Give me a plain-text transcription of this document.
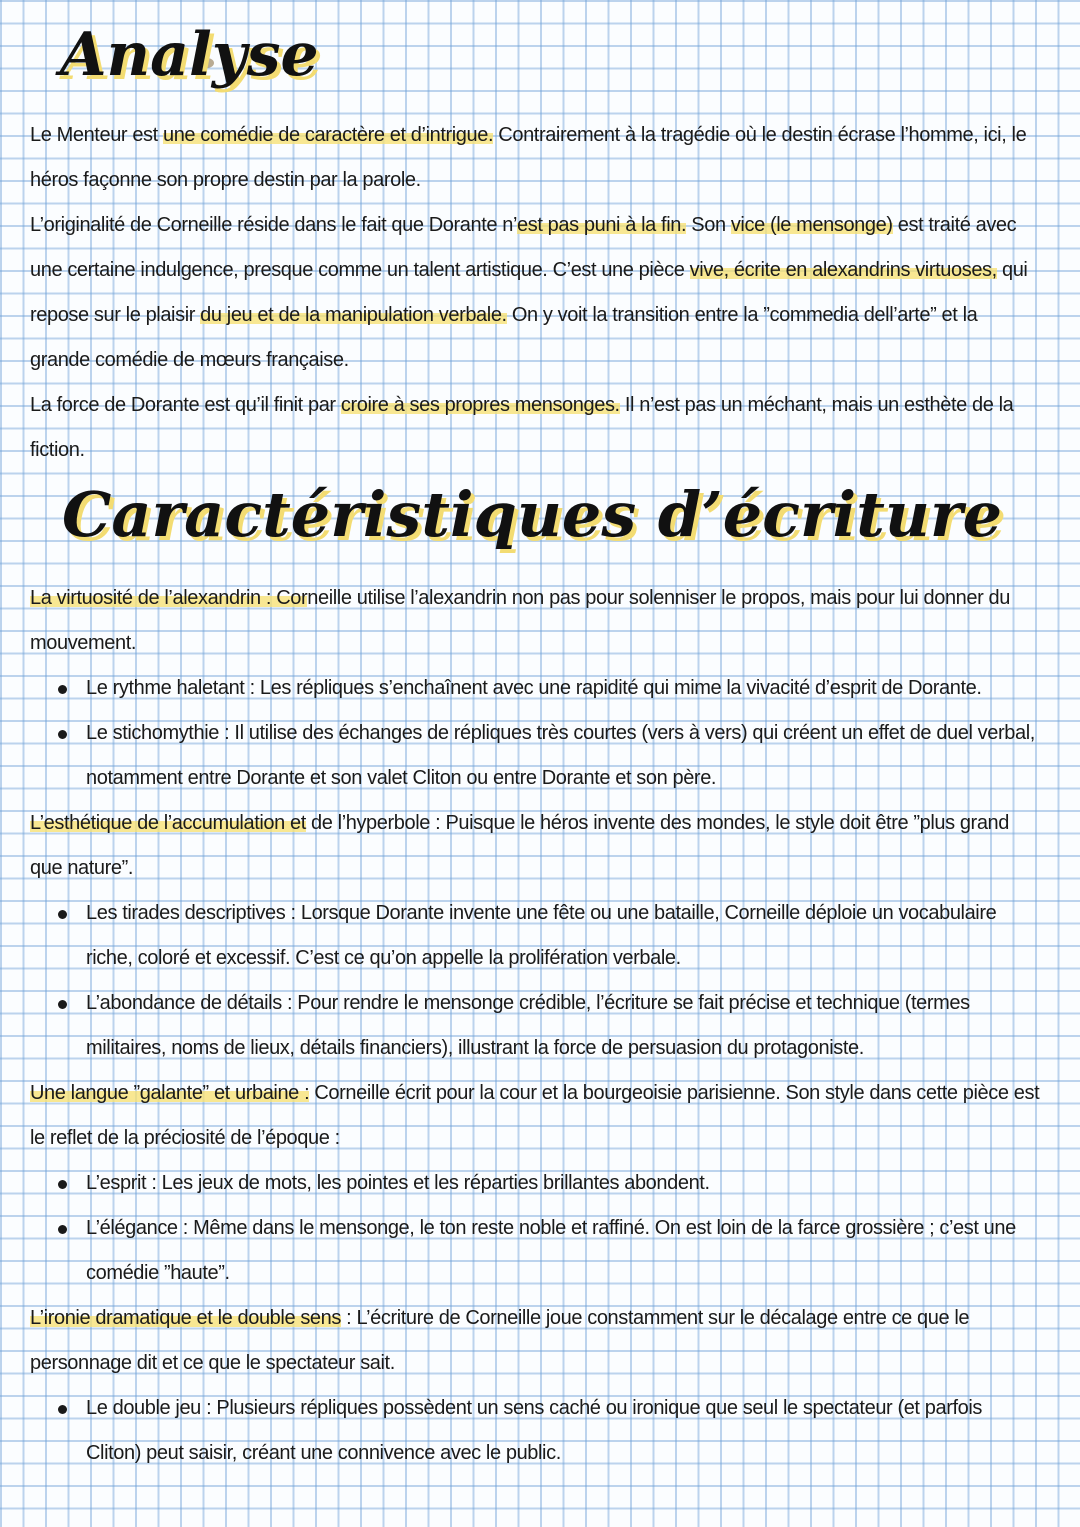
Analyse

Le Menteur est une comédie de caractère et d’intrigue. Contrairement à la tragédie où le destin écrase l’homme, ici, le héros façonne son propre destin par la parole.

L’originalité de Corneille réside dans le fait que Dorante n’est pas puni à la fin. Son vice (le mensonge) est traité avec une certaine indulgence, presque comme un talent artistique. C’est une pièce vive, écrite en alexandrins virtuoses, qui repose sur le plaisir du jeu et de la manipulation verbale. On y voit la transition entre la ”commedia dell’arte” et la grande comédie de mœurs française.

La force de Dorante est qu’il finit par croire à ses propres mensonges. Il n’est pas un méchant, mais un esthète de la fiction.

Caractéristiques d’écriture

La virtuosité de l’alexandrin : Corneille utilise l’alexandrin non pas pour solenniser le propos, mais pour lui donner du mouvement.

Le rythme haletant : Les répliques s’enchaînent avec une rapidité qui mime la vivacité d’esprit de Dorante.
Le stichomythie : Il utilise des échanges de répliques très courtes (vers à vers) qui créent un effet de duel verbal, notamment entre Dorante et son valet Cliton ou entre Dorante et son père.

L’esthétique de l’accumulation et de l’hyperbole : Puisque le héros invente des mondes, le style doit être ”plus grand que nature”.

Les tirades descriptives : Lorsque Dorante invente une fête ou une bataille, Corneille déploie un vocabulaire riche, coloré et excessif. C’est ce qu’on appelle la prolifération verbale.
L’abondance de détails : Pour rendre le mensonge crédible, l’écriture se fait précise et technique (termes militaires, noms de lieux, détails financiers), illustrant la force de persuasion du protagoniste.

Une langue ”galante” et urbaine : Corneille écrit pour la cour et la bourgeoisie parisienne. Son style dans cette pièce est le reflet de la préciosité de l’époque :

L’esprit : Les jeux de mots, les pointes et les réparties brillantes abondent.
L’élégance : Même dans le mensonge, le ton reste noble et raffiné. On est loin de la farce grossière ; c’est une comédie ”haute”.

L’ironie dramatique et le double sens : L’écriture de Corneille joue constamment sur le décalage entre ce que le personnage dit et ce que le spectateur sait.

Le double jeu : Plusieurs répliques possèdent un sens caché ou ironique que seul le spectateur (et parfois Cliton) peut saisir, créant une connivence avec le public.
